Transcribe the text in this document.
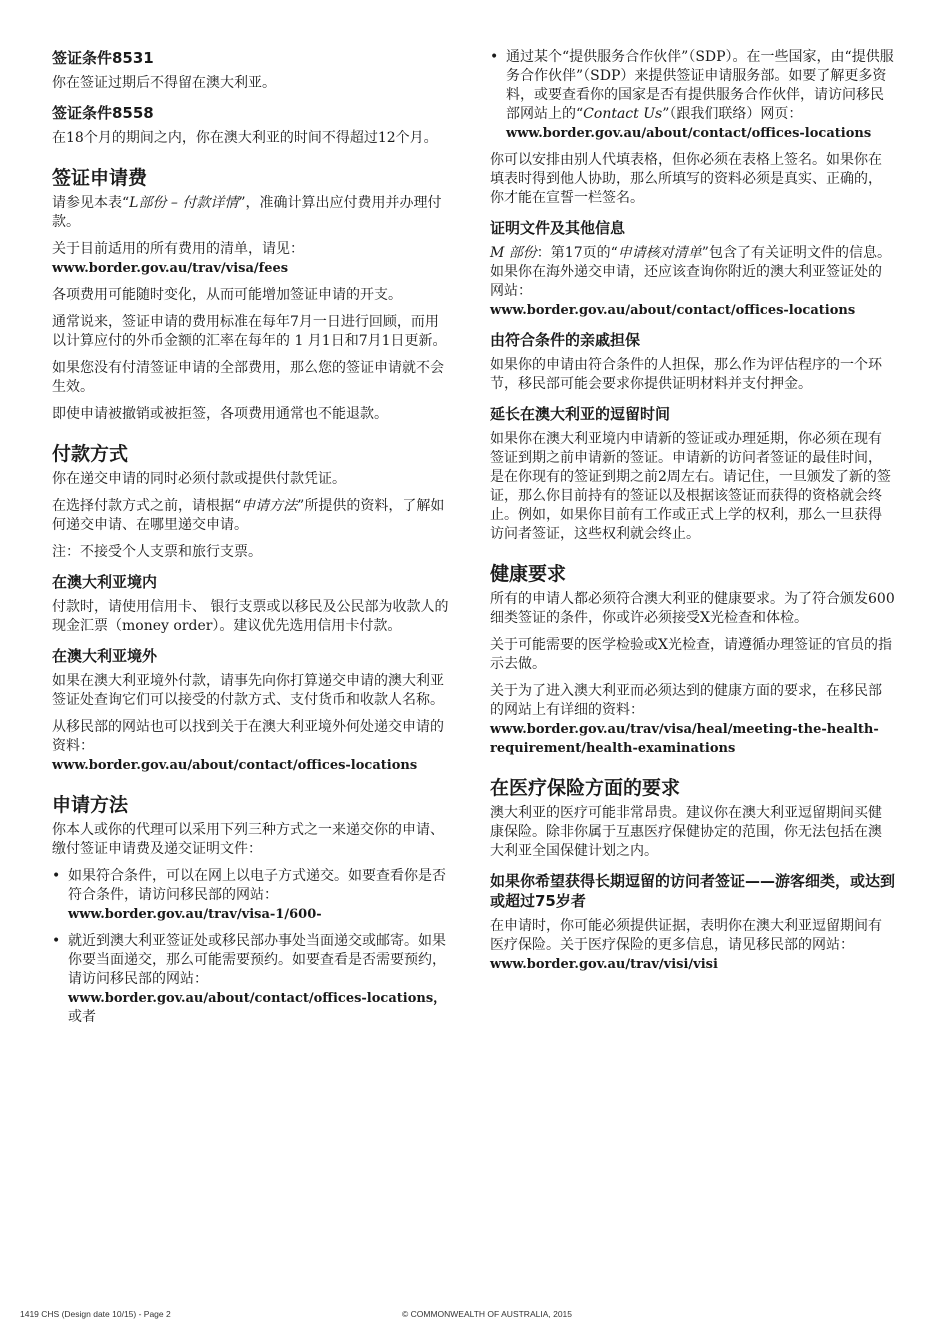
签证条件8531

你在签证过期后不得留在澳大利亚。

签证条件8558

在18个月的期间之内，你在澳大利亚的时间不得超过12个月。

签证申请费

请参见本表“L部份 – 付款详情”，准确计算出应付费用并办理付款。

关于目前适用的所有费用的清单，请见：
www.border.gov.au/trav/visa/fees

各项费用可能随时变化，从而可能增加签证申请的开支。

通常说来，签证申请的费用标准在每年7月一日进行回顾，而用以计算应付的外币金额的汇率在每年的 1 月1日和7月1日更新。

如果您没有付清签证申请的全部费用，那么您的签证申请就不会生效。

即使申请被撤销或被拒签，各项费用通常也不能退款。

付款方式

你在递交申请的同时必须付款或提供付款凭证。

在选择付款方式之前，请根据“申请方法”所提供的资料，了解如何递交申请、在哪里递交申请。

注：不接受个人支票和旅行支票。

在澳大利亚境内

付款时，请使用信用卡、 银行支票或以移民及公民部为收款人的现金汇票（money order）。建议优先选用信用卡付款。

在澳大利亚境外

如果在澳大利亚境外付款，请事先向你打算递交申请的澳大利亚签证处查询它们可以接受的付款方式、支付货币和收款人名称。

从移民部的网站也可以找到关于在澳大利亚境外何处递交申请的资料：
www.border.gov.au/about/contact/offices-locations

申请方法

你本人或你的代理可以采用下列三种方式之一来递交你的申请、缴付签证申请费及递交证明文件：

• 如果符合条件，可以在网上以电子方式递交。如要查看你是否符合条件，请访问移民部的网站：
www.border.gov.au/trav/visa-1/600-
• 就近到澳大利亚签证处或移民部办事处当面递交或邮寄。如果你要当面递交，那么可能需要预约。如要查看是否需要预约，请访问移民部的网站：
www.border.gov.au/about/contact/offices-locations，
或者
• 通过某个“提供服务合作伙伴”（SDP）。在一些国家，由“提供服务合作伙伴”（SDP）来提供签证申请服务部。如要了解更多资料，或要查看你的国家是否有提供服务合作伙伴，请访问移民部网站上的“Contact Us”（跟我们联络）网页：
www.border.gov.au/about/contact/offices-locations

你可以安排由别人代填表格，但你必须在表格上签名。如果你在填表时得到他人协助，那么所填写的资料必须是真实、正确的，你才能在宣誓一栏签名。

证明文件及其他信息

M 部份：第17页的“申请核对清单”包含了有关证明文件的信息。如果你在海外递交申请，还应该查询你附近的澳大利亚签证处的网站：
www.border.gov.au/about/contact/offices-locations

由符合条件的亲戚担保

如果你的申请由符合条件的人担保，那么作为评估程序的一个环节，移民部可能会要求你提供证明材料并支付押金。

延长在澳大利亚的逗留时间

如果你在澳大利亚境内申请新的签证或办理延期，你必须在现有签证到期之前申请新的签证。申请新的访问者签证的最佳时间，是在你现有的签证到期之前2周左右。请记住，一旦颁发了新的签证，那么你目前持有的签证以及根据该签证而获得的资格就会终止。例如，如果你目前有工作或正式上学的权利，那么一旦获得访问者签证，这些权利就会终止。

健康要求

所有的申请人都必须符合澳大利亚的健康要求。为了符合颁发600细类签证的条件，你或许必须接受X光检查和体检。

关于可能需要的医学检验或X光检查，请遵循办理签证的官员的指示去做。

关于为了进入澳大利亚而必须达到的健康方面的要求，在移民部的网站上有详细的资料：
www.border.gov.au/trav/visa/heal/meeting-the-health-requirement/health-examinations

在医疗保险方面的要求

澳大利亚的医疗可能非常昂贵。建议你在澳大利亚逗留期间买健康保险。除非你属于互惠医疗保健协定的范围，你无法包括在澳大利亚全国保健计划之内。

如果你希望获得长期逗留的访问者签证——游客细类，或达到或超过75岁者

在申请时，你可能必须提供证据，表明你在澳大利亚逗留期间有医疗保险。关于医疗保险的更多信息，请见移民部的网站：www.border.gov.au/trav/visi/visi

1419 CHS (Design date 10/15) - Page 2	© COMMONWEALTH OF AUSTRALIA, 2015
